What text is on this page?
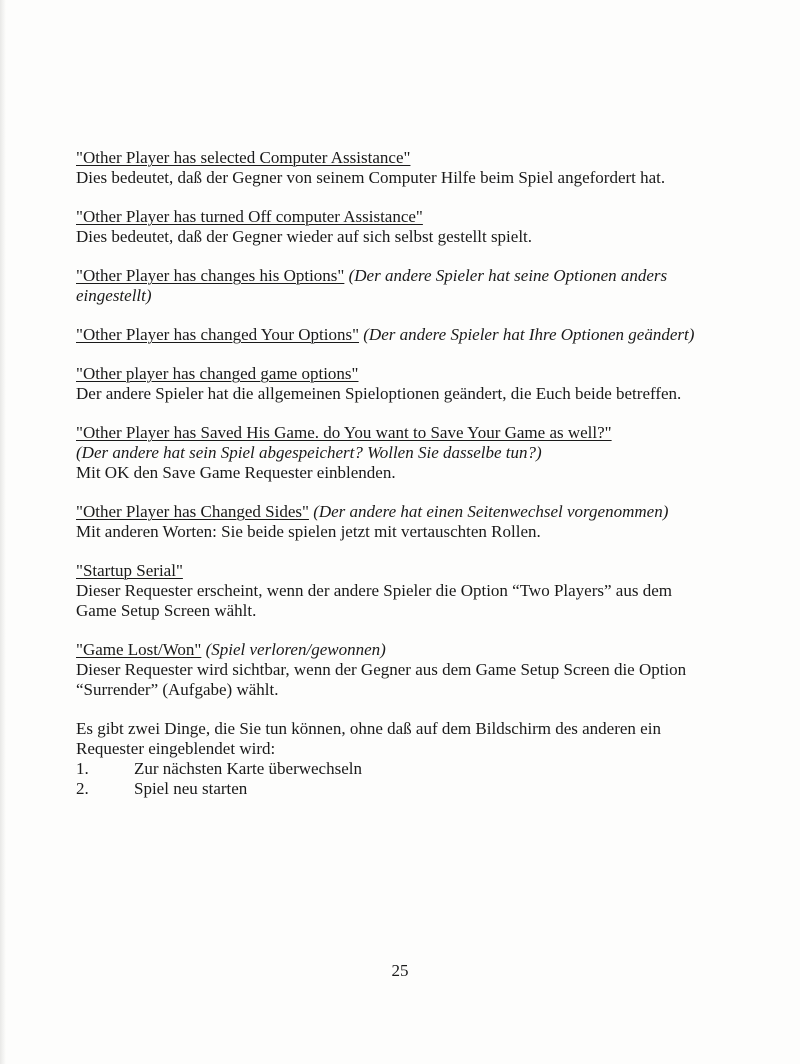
"Other Player has selected Computer Assistance"

Dies bedeutet, daß der Gegner von seinem Computer Hilfe beim Spiel angefordert hat.

"Other Player has turned Off computer Assistance"

Dies bedeutet, daß der Gegner wieder auf sich selbst gestellt spielt.

"Other Player has changes his Options" (Der andere Spieler hat seine Optionen anders eingestellt)
"Other Player has changed Your Options" (Der andere Spieler hat Ihre Optionen geändert)
"Other player has changed game options"

Der andere Spieler hat die allgemeinen Spieloptionen geändert, die Euch beide betreffen.

"Other Player has Saved His Game. do You want to Save Your Game as well?"

(Der andere hat sein Spiel abgespeichert? Wollen Sie dasselbe tun?)

Mit OK den Save Game Requester einblenden.

"Other Player has Changed Sides" (Der andere hat einen Seitenwechsel vorgenommen)

Mit anderen Worten: Sie beide spielen jetzt mit vertauschten Rollen.

"Startup Serial"

Dieser Requester erscheint, wenn der andere Spieler die Option “Two Players” aus dem Game Setup Screen wählt.

"Game Lost/Won" (Spiel verloren/gewonnen)

Dieser Requester wird sichtbar, wenn der Gegner aus dem Game Setup Screen die Option “Surrender” (Aufgabe) wählt.

Es gibt zwei Dinge, die Sie tun können, ohne daß auf dem Bildschirm des anderen ein Requester eingeblendet wird:

1.	Zur nächsten Karte überwechseln
2.	Spiel neu starten
25
